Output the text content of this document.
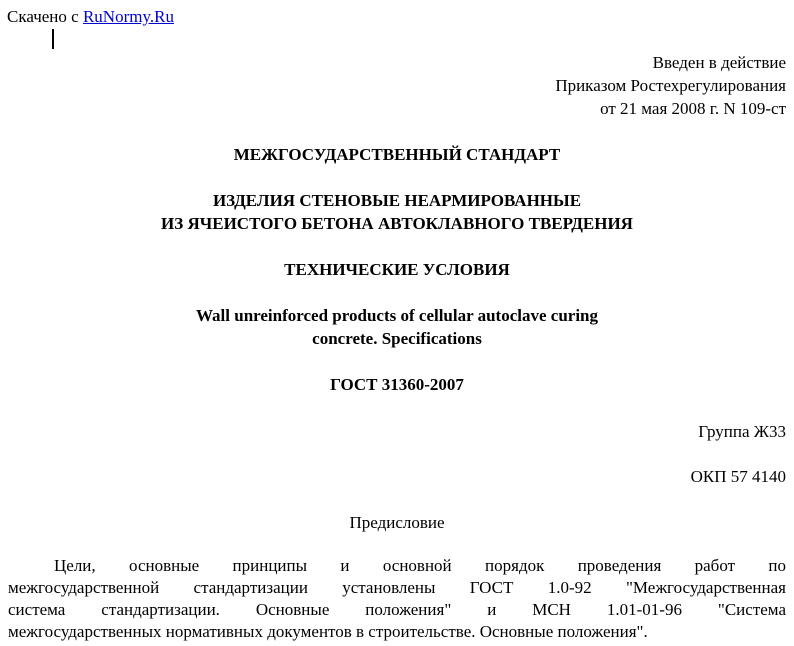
Скачено с RuNormy.Ru
Введен в действие
Приказом Ростехрегулирования
от 21 мая 2008 г. N 109-ст
МЕЖГОСУДАРСТВЕННЫЙ СТАНДАРТ
ИЗДЕЛИЯ СТЕНОВЫЕ НЕАРМИРОВАННЫЕ
ИЗ ЯЧЕИСТОГО БЕТОНА АВТОКЛАВНОГО ТВЕРДЕНИЯ
ТЕХНИЧЕСКИЕ УСЛОВИЯ
Wall unreinforced products of cellular autoclave curing
concrete. Specifications
ГОСТ 31360-2007
Группа Ж33
ОКП 57 4140
Предисловие
Цели, основные принципы и основной порядок проведения работ по
межгосударственной стандартизации установлены ГОСТ 1.0-92 "Межгосударственная
система стандартизации. Основные положения" и МСН 1.01-01-96 "Система
межгосударственных нормативных документов в строительстве. Основные положения".
